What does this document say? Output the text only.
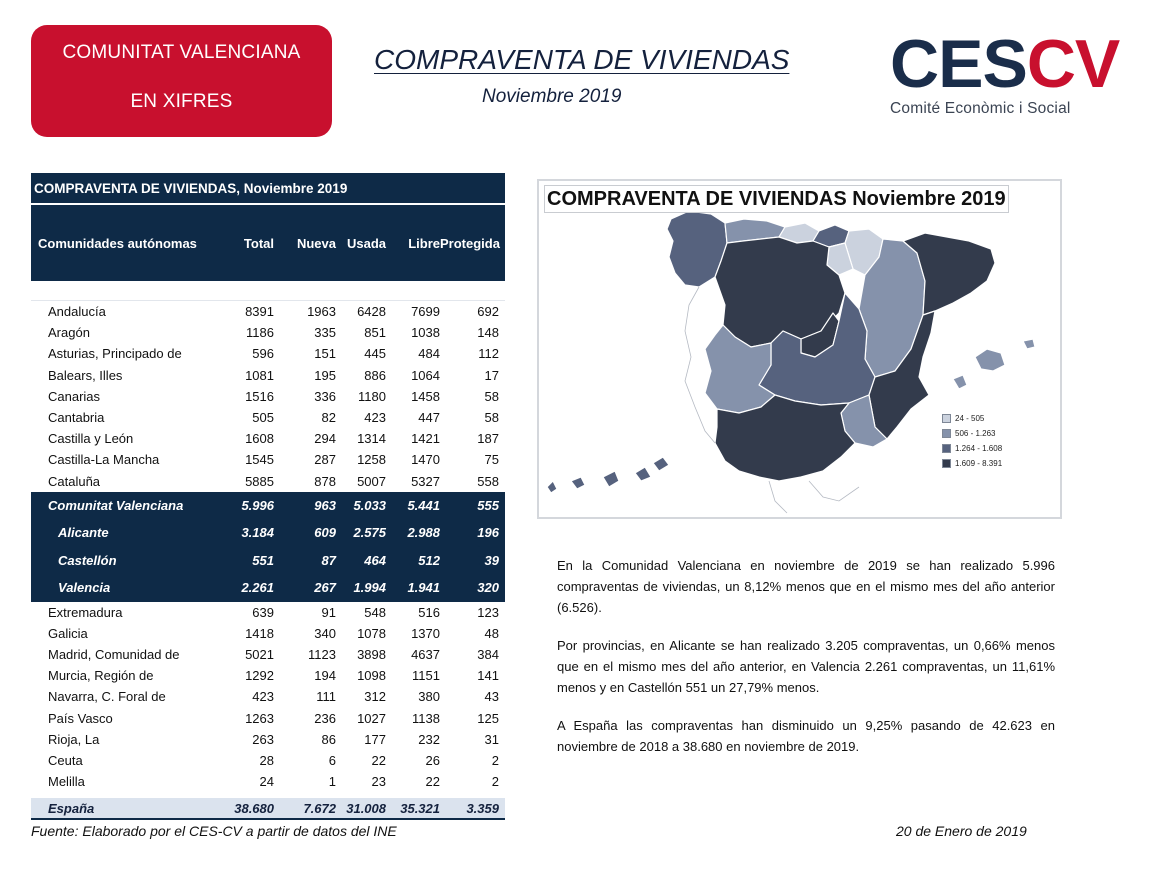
COMUNITAT VALENCIANA
EN XIFRES
COMPRAVENTA DE VIVIENDAS
Noviembre 2019	CESCV
Comité Econòmic i Social
COMPRAVENTA DE VIVIENDAS, Noviembre 2019
Comunidades autónomas	Total	Nueva Usada	Libre Protegida
Andalucía	8391	1963	6428	7699	692
Aragón	1186	335	851	1038	148
Asturias, Principado de	596	151	445	484	112
Balears, Illes	1081	195	886	1064	17
Canarias	1516	336	1180	1458	58
Cantabria	505	82	423	447	58
Castilla y León	1608	294	1314	1421	187
Castilla-La Mancha	1545	287	1258	1470	75
Cataluña	5885	878	5007	5327	558
Comunitat Valenciana	5.996	963	5.033	5.441	555
Alicante	3.184	609	2.575	2.988	196
Castellón	551	87	464	512	39
Valencia	2.261	267	1.994	1.941	320
Extremadura	639	91	548	516	123
Galicia	1418	340	1078	1370	48
Madrid, Comunidad de	5021	1123	3898	4637	384
Murcia, Región de	1292	194	1098	1151	141
Navarra, C. Foral de	423	111	312	380	43
País Vasco	1263	236	1027	1138	125
Rioja, La	263	86	177	232	31
Ceuta	28	6	22	26	2
Melilla	24	1	23	22	2
España	38.680	7.672 31.008	35.321	3.359
Fuente: Elaborado por el CES-CV a partir de datos del INE	20 de Enero de 2019
COMPRAVENTA DE VIVIENDAS Noviembre 2019
24 - 505
506 - 1.263
1.264 - 1.608
1.609 - 8.391

En la Comunidad Valenciana en noviembre de 2019 se han realizado 5.996 compraventas de viviendas, un 8,12% menos que en el mismo mes del año anterior (6.526).

Por provincias, en Alicante se han realizado 3.205 compraventas, un 0,66% menos que en el mismo mes del año anterior, en Valencia 2.261 compraventas, un 11,61% menos y en Castellón 551 un 27,79% menos.

A España las compraventas han disminuido un 9,25% pasando de 42.623 en noviembre de 2018 a 38.680 en noviembre de 2019.
